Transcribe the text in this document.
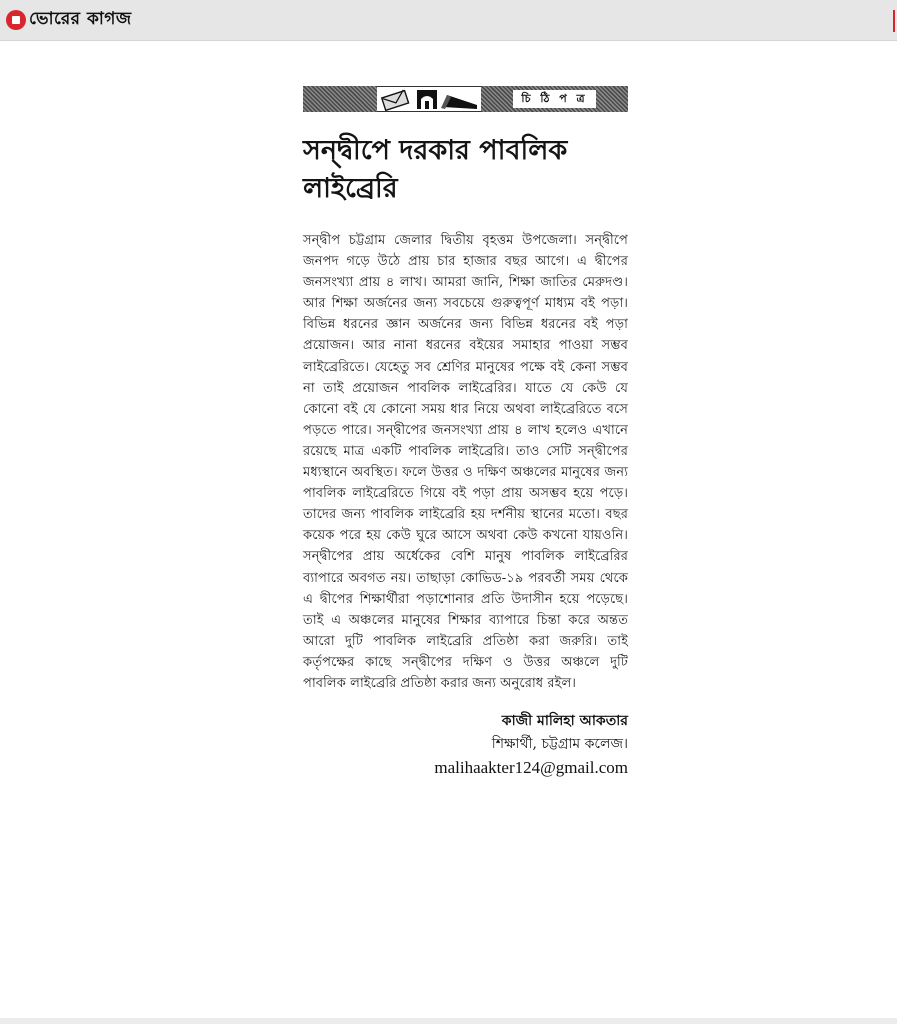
ভোরের কাগজ
চি ঠি প ত্র
সন্দ্বীপে দরকার পাবলিক লাইব্রেরি
সন্দ্বীপ চট্টগ্রাম জেলার দ্বিতীয় বৃহত্তম উপজেলা। সন্দ্বীপে জনপদ গড়ে উঠে প্রায় চার হাজার বছর আগে। এ দ্বীপের জনসংখ্যা প্রায় ৪ লাখ। আমরা জানি, শিক্ষা জাতির মেরুদণ্ড। আর শিক্ষা অর্জনের জন্য সবচেয়ে গুরুত্বপূর্ণ মাধ্যম বই পড়া। বিভিন্ন ধরনের জ্ঞান অর্জনের জন্য বিভিন্ন ধরনের বই পড়া প্রয়োজন। আর নানা ধরনের বইয়ের সমাহার পাওয়া সম্ভব লাইব্রেরিতে। যেহেতু সব শ্রেণির মানুষের পক্ষে বই কেনা সম্ভব না তাই প্রয়োজন পাবলিক লাইব্রেরির। যাতে যে কেউ যে কোনো বই যে কোনো সময় ধার নিয়ে অথবা লাইব্রেরিতে বসে পড়তে পারে। সন্দ্বীপের জনসংখ্যা প্রায় ৪ লাখ হলেও এখানে রয়েছে মাত্র একটি পাবলিক লাইব্রেরি। তাও সেটি সন্দ্বীপের মধ্যস্থানে অবস্থিত। ফলে উত্তর ও দক্ষিণ অঞ্চলের মানুষের জন্য পাবলিক লাইব্রেরিতে গিয়ে বই পড়া প্রায় অসম্ভব হয়ে পড়ে। তাদের জন্য পাবলিক লাইব্রেরি হয় দর্শনীয় স্থানের মতো। বছর কয়েক পরে হয় কেউ ঘুরে আসে অথবা কেউ কখনো যায়ওনি। সন্দ্বীপের প্রায় অর্ধেকের বেশি মানুষ পাবলিক লাইব্রেরির ব্যাপারে অবগত নয়। তাছাড়া কোভিড-১৯ পরবর্তী সময় থেকে এ দ্বীপের শিক্ষার্থীরা পড়াশোনার প্রতি উদাসীন হয়ে পড়েছে। তাই এ অঞ্চলের মানুষের শিক্ষার ব্যাপারে চিন্তা করে অন্তত আরো দুটি পাবলিক লাইব্রেরি প্রতিষ্ঠা করা জরুরি। তাই কর্তৃপক্ষের কাছে সন্দ্বীপের দক্ষিণ ও উত্তর অঞ্চলে দুটি পাবলিক লাইব্রেরি প্রতিষ্ঠা করার জন্য অনুরোধ রইল।
কাজী মালিহা আকতার
শিক্ষার্থী, চট্টগ্রাম কলেজ।
malihaakter124@gmail.com
